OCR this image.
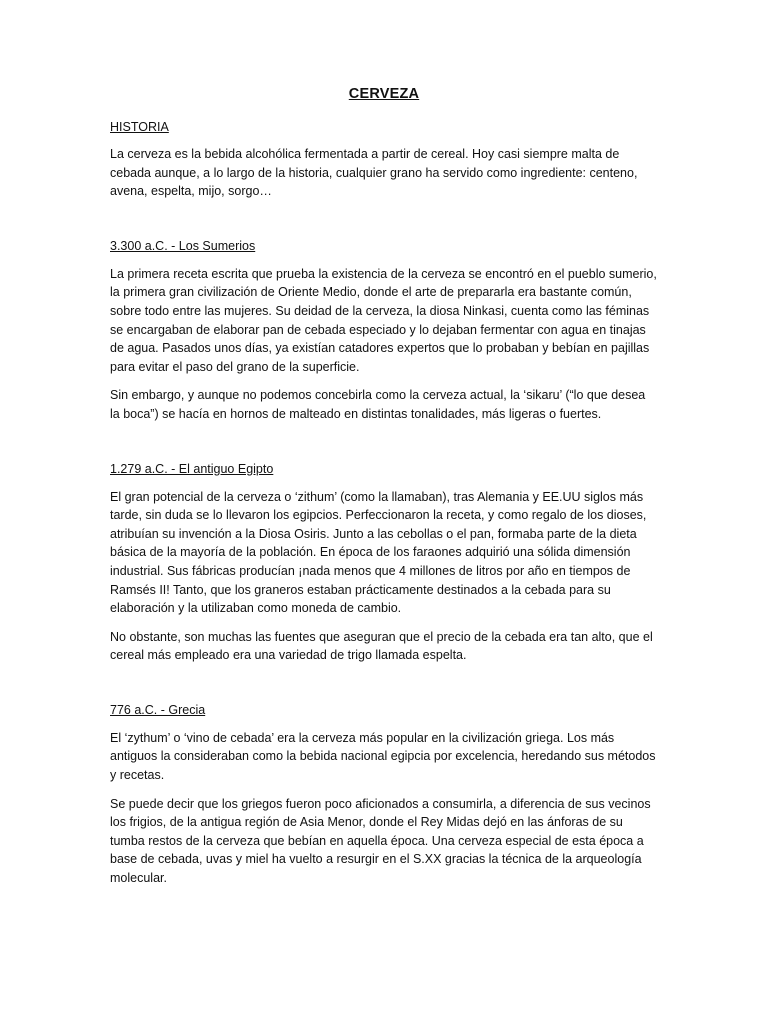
CERVEZA
HISTORIA

La cerveza es la bebida alcohólica fermentada a partir de cereal. Hoy casi siempre malta de cebada aunque, a lo largo de la historia, cualquier grano ha servido como ingrediente: centeno, avena, espelta, mijo, sorgo…

3.300 a.C. - Los Sumerios

La primera receta escrita que prueba la existencia de la cerveza se encontró en el pueblo sumerio, la primera gran civilización de Oriente Medio, donde el arte de prepararla era bastante común, sobre todo entre las mujeres. Su deidad de la cerveza, la diosa Ninkasi, cuenta como las féminas se encargaban de elaborar pan de cebada especiado y lo dejaban fermentar con agua en tinajas de agua. Pasados unos días, ya existían catadores expertos que lo probaban y bebían en pajillas para evitar el paso del grano de la superficie.

Sin embargo, y aunque no podemos concebirla como la cerveza actual, la ‘sikaru’ (“lo que desea la boca”) se hacía en hornos de malteado en distintas tonalidades, más ligeras o fuertes.

1.279 a.C. - El antiguo Egipto

El gran potencial de la cerveza o ‘zithum’ (como la llamaban), tras Alemania y EE.UU siglos más tarde, sin duda se lo llevaron los egipcios. Perfeccionaron la receta, y como regalo de los dioses, atribuían su invención a la Diosa Osiris. Junto a las cebollas o el pan, formaba parte de la dieta básica de la mayoría de la población. En época de los faraones adquirió una sólida dimensión industrial. Sus fábricas producían ¡nada menos que 4 millones de litros por año en tiempos de Ramsés II! Tanto, que los graneros estaban prácticamente destinados a la cebada para su elaboración y la utilizaban como moneda de cambio.

No obstante, son muchas las fuentes que aseguran que el precio de la cebada era tan alto, que el cereal más empleado era una variedad de trigo llamada espelta.

776 a.C. - Grecia

El ‘zythum’ o ‘vino de cebada’ era la cerveza más popular en la civilización griega. Los más antiguos la consideraban como la bebida nacional egipcia por excelencia, heredando sus métodos y recetas.

Se puede decir que los griegos fueron poco aficionados a consumirla, a diferencia de sus vecinos los frigios, de la antigua región de Asia Menor, donde el Rey Midas dejó en las ánforas de su tumba restos de la cerveza que bebían en aquella época. Una cerveza especial de esta época a base de cebada, uvas y miel ha vuelto a resurgir en el S.XX gracias la técnica de la arqueología molecular.
